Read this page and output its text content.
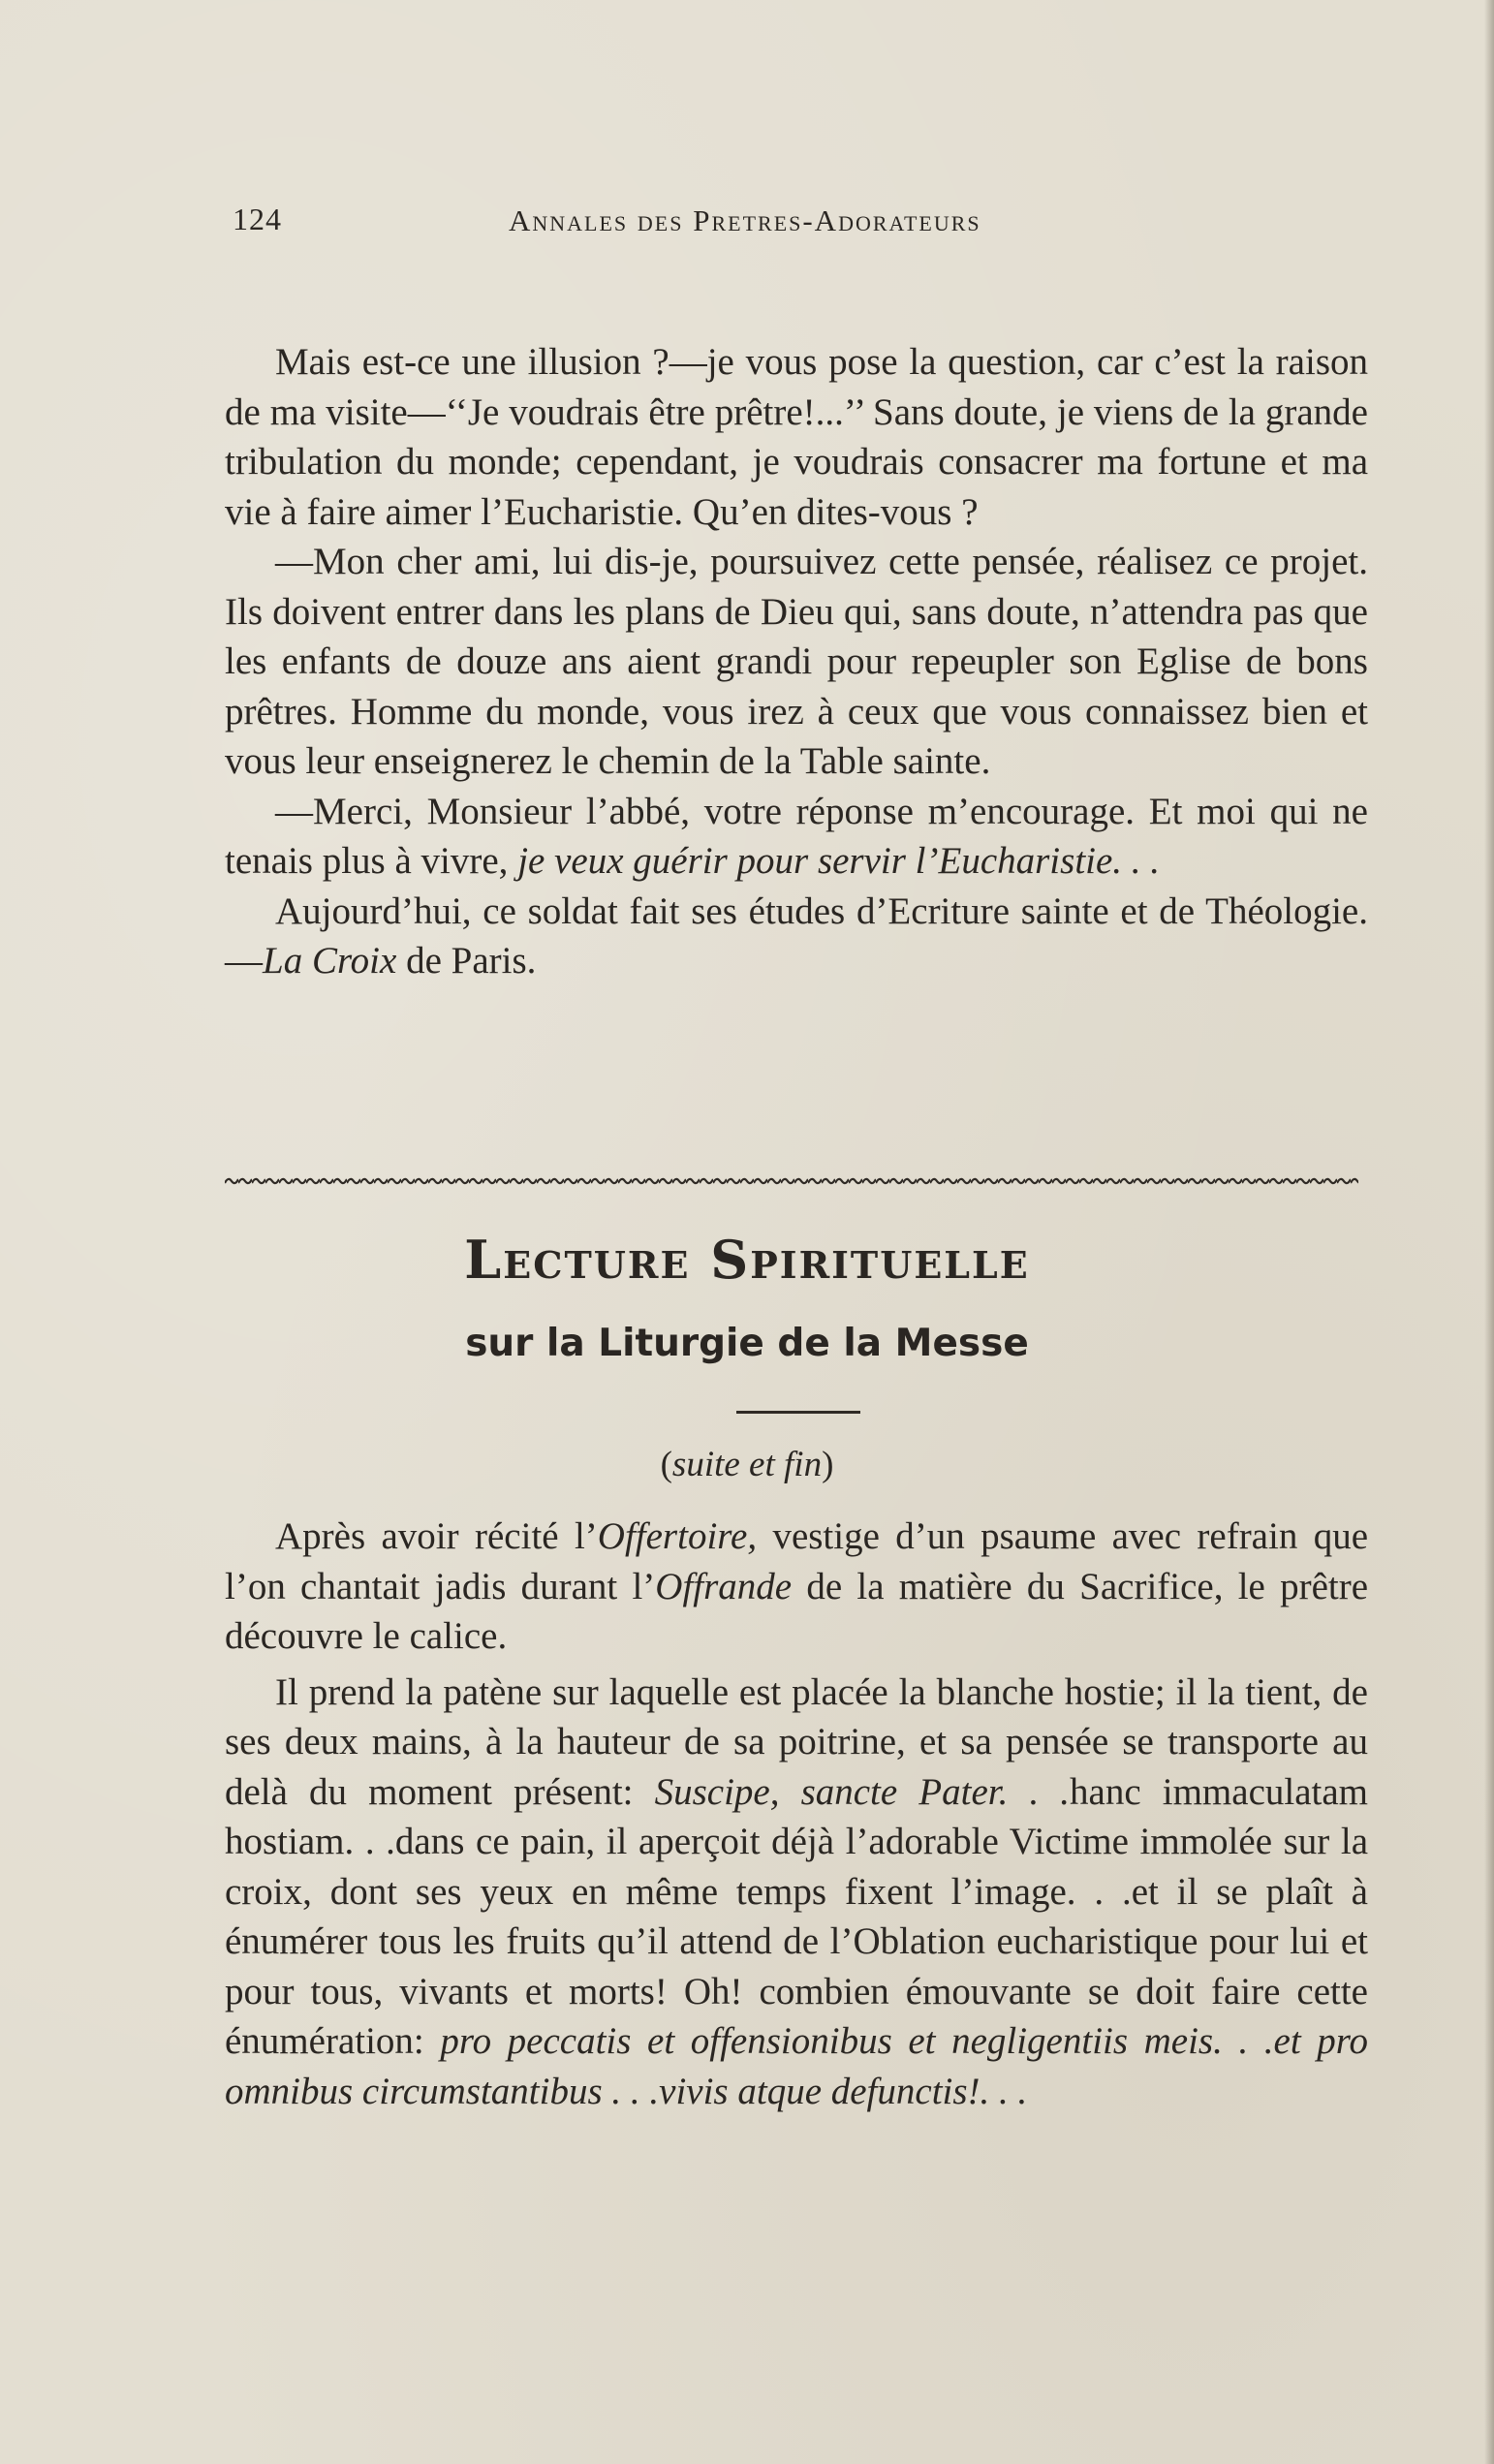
124	Annales des Pretres-Adorateurs

Mais est-ce une illusion ?—je vous pose la question, car c’est la raison de ma visite—‘‘Je voudrais être prêtre!...’’ Sans doute, je viens de la grande tribulation du monde; cependant, je voudrais consacrer ma fortune et ma vie à faire aimer l’Eucharistie. Qu’en dites-vous ?

—Mon cher ami, lui dis-je, poursuivez cette pensée, réalisez ce projet. Ils doivent entrer dans les plans de Dieu qui, sans doute, n’attendra pas que les enfants de douze ans aient grandi pour repeupler son Eglise de bons prêtres. Homme du monde, vous irez à ceux que vous connaissez bien et vous leur enseignerez le chemin de la Table sainte.

—Merci, Monsieur l’abbé, votre réponse m’encourage. Et moi qui ne tenais plus à vivre, je veux guérir pour servir l’Eucharistie. . .

Aujourd’hui, ce soldat fait ses études d’Ecriture sainte et de Théologie.—La Croix de Paris.

Lecture Spirituelle
sur la Liturgie de la Messe
(suite et fin)

Après avoir récité l’Offertoire, vestige d’un psaume avec refrain que l’on chantait jadis durant l’Offrande de la matière du Sacrifice, le prêtre découvre le calice.

Il prend la patène sur laquelle est placée la blanche hostie; il la tient, de ses deux mains, à la hauteur de sa poitrine, et sa pensée se transporte au delà du moment présent: Suscipe, sancte Pater. . .hanc immaculatam hostiam. . .dans ce pain, il aperçoit déjà l’adorable Victime immolée sur la croix, dont ses yeux en même temps fixent l’image. . .et il se plaît à énumérer tous les fruits qu’il attend de l’Oblation eucharistique pour lui et pour tous, vivants et morts! Oh! combien émouvante se doit faire cette énumération: pro peccatis et offensionibus et negligentiis meis. . .et pro omnibus circumstantibus . . .vivis atque defunctis!. . .
